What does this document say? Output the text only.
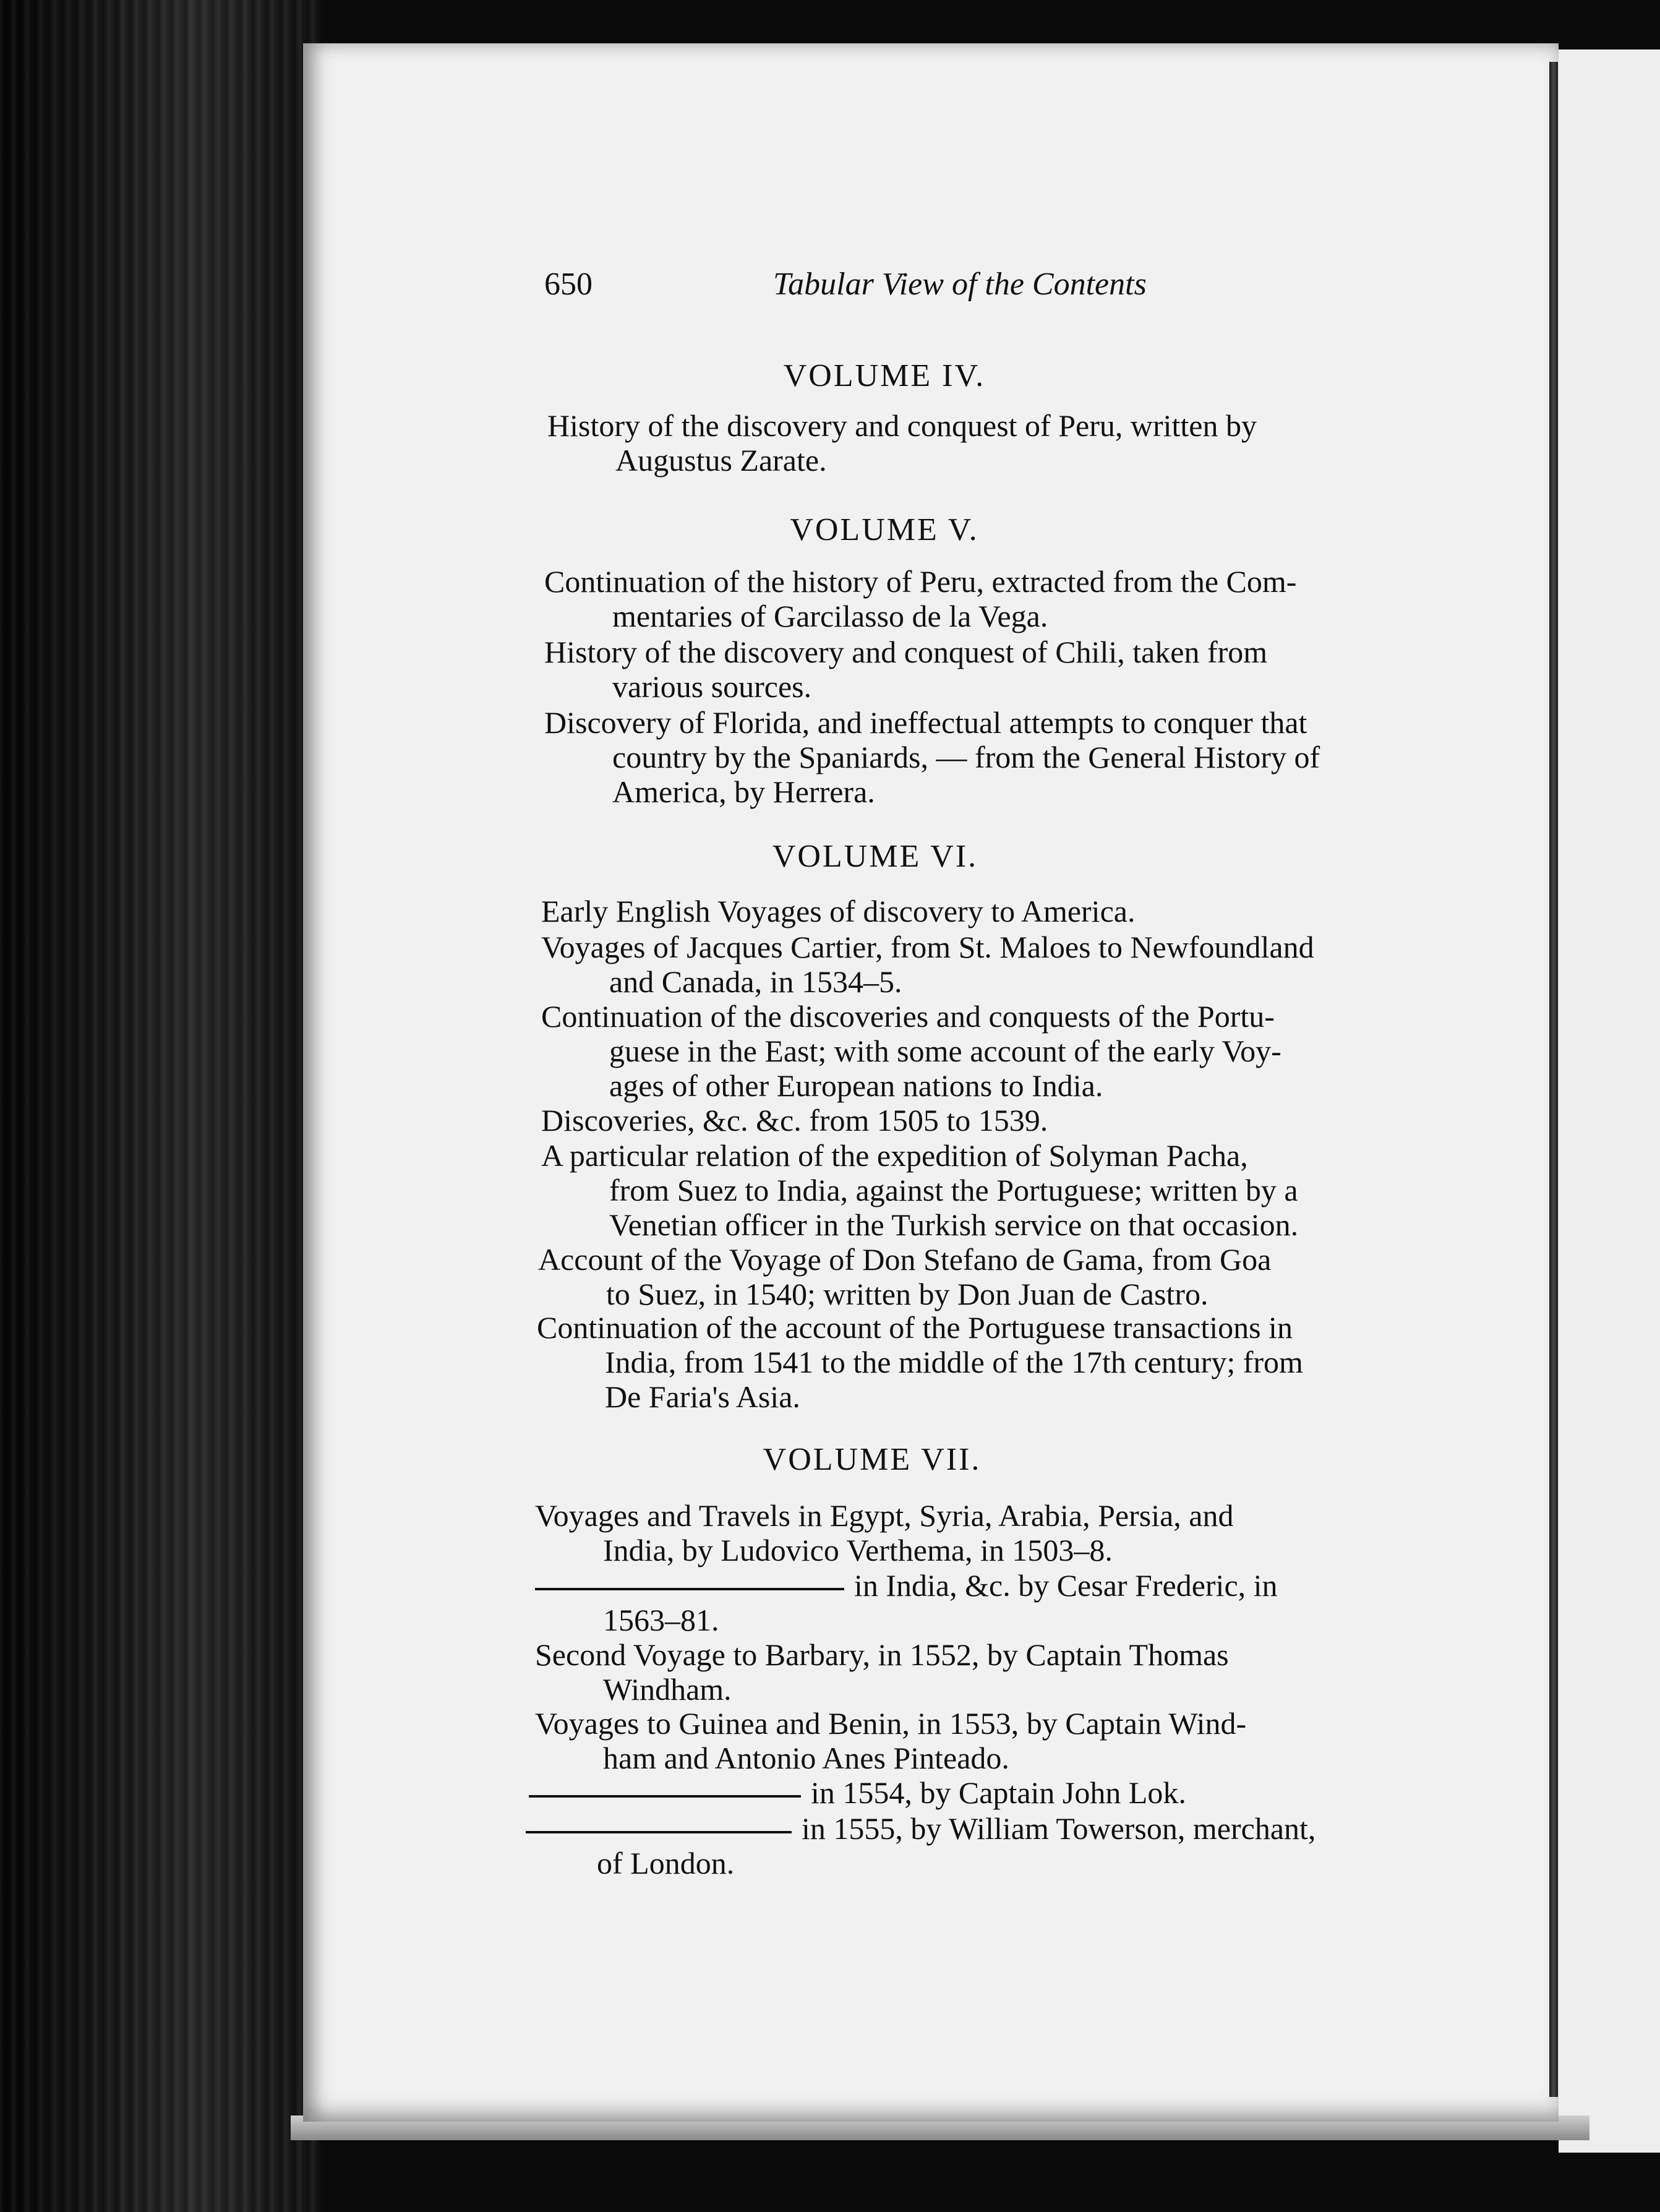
650	Tabular View of the Contents
VOLUME IV.
History of the discovery and conquest of Peru, written by
Augustus Zarate.
VOLUME V.
Continuation of the history of Peru, extracted from the Com-
mentaries of Garcilasso de la Vega.
History of the discovery and conquest of Chili, taken from
various sources.
Discovery of Florida, and ineffectual attempts to conquer that
country by the Spaniards, — from the General History of
America, by Herrera.
VOLUME VI.
Early English Voyages of discovery to America.
Voyages of Jacques Cartier, from St. Maloes to Newfoundland
and Canada, in 1534–5.
Continuation of the discoveries and conquests of the Portu-
guese in the East; with some account of the early Voy-
ages of other European nations to India.
Discoveries, &c. &c. from 1505 to 1539.
A particular relation of the expedition of Solyman Pacha,
from Suez to India, against the Portuguese; written by a
Venetian officer in the Turkish service on that occasion.
Account of the Voyage of Don Stefano de Gama, from Goa
to Suez, in 1540; written by Don Juan de Castro.
Continuation of the account of the Portuguese transactions in
India, from 1541 to the middle of the 17th century; from
De Faria's Asia.
VOLUME VII.
Voyages and Travels in Egypt, Syria, Arabia, Persia, and
India, by Ludovico Verthema, in 1503–8.
in India, &c. by Cesar Frederic, in
1563–81.
Second Voyage to Barbary, in 1552, by Captain Thomas
Windham.
Voyages to Guinea and Benin, in 1553, by Captain Wind-
ham and Antonio Anes Pinteado.
in 1554, by Captain John Lok.
in 1555, by William Towerson, merchant,
of London.
